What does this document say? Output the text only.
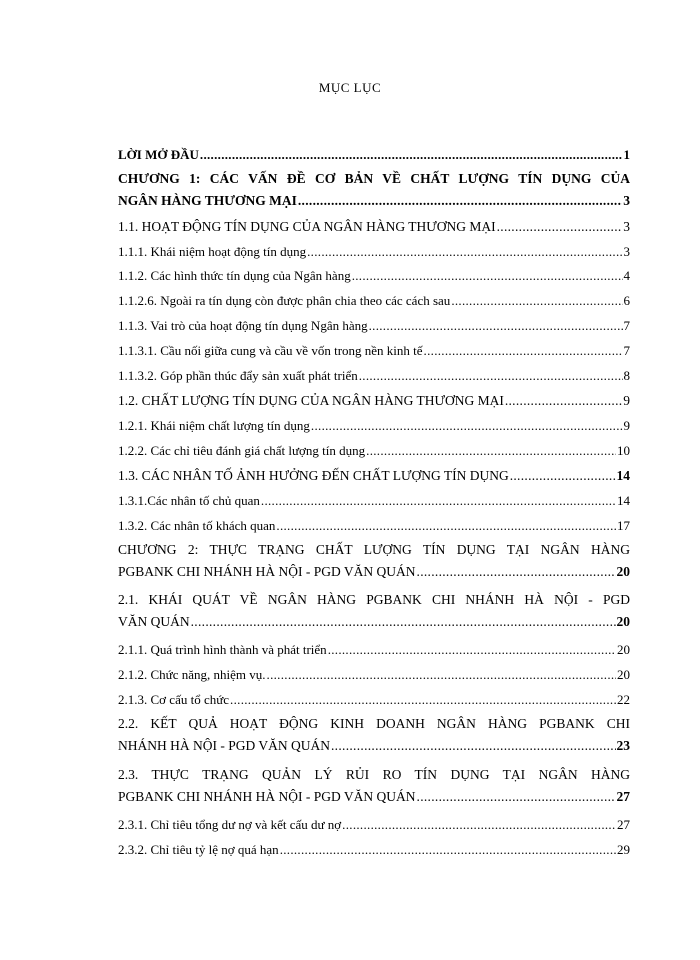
MỤC LỤC
LỜI MỞ ĐẦU .....	1
CHƯƠNG 1: CÁC VẤN ĐỀ CƠ BẢN VỀ CHẤT LƯỢNG TÍN DỤNG CỦA
NGÂN HÀNG THƯƠNG MẠI .....	3
1.1. HOẠT ĐỘNG TÍN DỤNG CỦA NGÂN HÀNG THƯƠNG MẠI .....	3
1.1.1. Khái niệm hoạt động tín dụng .....	3
1.1.2. Các hình thức tín dụng của Ngân hàng .....	4
1.1.2.6. Ngoài ra tín dụng còn được phân chia theo các cách sau .....	6
1.1.3. Vai trò của hoạt động tín dụng Ngân hàng .....	7
1.1.3.1. Cầu nối giữa cung và cầu về vốn trong nền kinh tế .....	7
1.1.3.2. Góp phần thúc đẩy sản xuất phát triển .....	8
1.2. CHẤT LƯỢNG TÍN DỤNG CỦA NGÂN HÀNG THƯƠNG MẠI .....	9
1.2.1. Khái niệm chất lượng tín dụng .....	9
1.2.2. Các chỉ tiêu đánh giá chất lượng tín dụng .....	10
1.3. CÁC NHÂN TỐ ẢNH HƯỞNG ĐẾN CHẤT LƯỢNG TÍN DỤNG .....	14
1.3.1.Các nhân tố chủ quan .....	14
1.3.2. Các nhân tố khách quan .....	17
CHƯƠNG 2: THỰC TRẠNG CHẤT LƯỢNG TÍN DỤNG TẠI NGÂN HÀNG
PGBANK CHI NHÁNH HÀ NỘI - PGD VĂN QUÁN .....	20
2.1. KHÁI QUÁT VỀ NGÂN HÀNG PGBANK CHI NHÁNH HÀ NỘI - PGD
VĂN QUÁN .....	20
2.1.1. Quá trình hình thành và phát triển .....	20
2.1.2. Chức năng, nhiệm vụ. .....	20
2.1.3. Cơ cấu tổ chức .....	22
2.2. KẾT QUẢ HOẠT ĐỘNG KINH DOANH NGÂN HÀNG PGBANK CHI
NHÁNH HÀ NỘI - PGD VĂN QUÁN .....	23
2.3. THỰC TRẠNG QUẢN LÝ RỦI RO TÍN DỤNG TẠI NGÂN HÀNG
PGBANK CHI NHÁNH HÀ NỘI - PGD VĂN QUÁN .....	27
2.3.1. Chỉ tiêu tổng dư nợ và kết cấu dư nợ .....	27
2.3.2. Chỉ tiêu tỷ lệ nợ quá hạn .....	29
